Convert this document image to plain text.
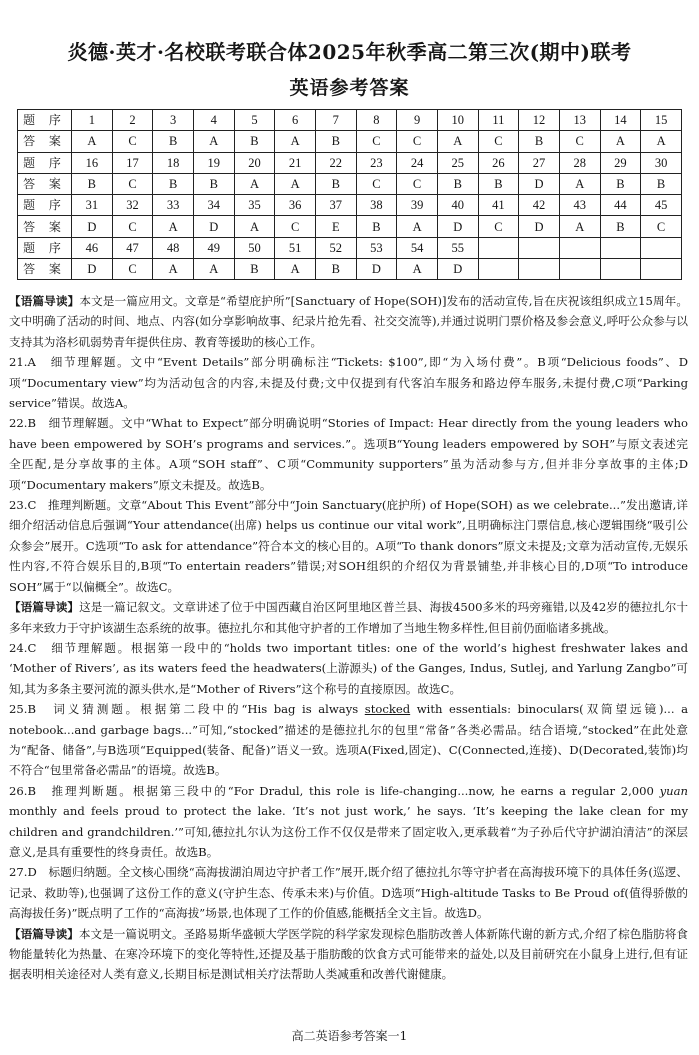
炎德·英才·名校联考联合体2025年秋季高二第三次(期中)联考
英语参考答案
题 序	1	2	3	4	5	6	7	8	9	10	11	12	13	14	15
答 案	A	C	B	A	B	A	B	C	C	A	C	B	C	A	A
题 序	16	17	18	19	20	21	22	23	24	25	26	27	28	29	30
答 案	B	C	B	B	A	A	B	C	C	B	B	D	A	B	B
题 序	31	32	33	34	35	36	37	38	39	40	41	42	43	44	45
答 案	D	C	A	D	A	C	E	B	A	D	C	D	A	B	C
题 序	46	47	48	49	50	51	52	53	54	55					
答 案	D	C	A	A	B	A	B	D	A	D					

【语篇导读】本文是一篇应用文。文章是“希望庇护所”[Sanctuary of Hope(SOH)]发布的活动宣传,旨在庆祝该组织成立15周年。文中明确了活动的时间、地点、内容(如分享影响故事、纪录片抢先看、社交交流等),并通过说明门票价格及参会意义,呼吁公众参与以支持其为洛杉矶弱势青年提供住房、教育等援助的核心工作。

21.A　细节理解题。文中“Event Details”部分明确标注“Tickets: $100”,即“为入场付费”。B项“Delicious foods”、D项“Documentary view”均为活动包含的内容,未提及付费;文中仅提到有代客泊车服务和路边停车服务,未提付费,C项“Parking service”错误。故选A。

22.B　细节理解题。文中“What to Expect”部分明确说明“Stories of Impact: Hear directly from the young leaders who have been empowered by SOH’s programs and services.”。选项B“Young leaders empowered by SOH”与原文表述完全匹配,是分享故事的主体。A项“SOH staff”、C项“Community supporters”虽为活动参与方,但并非分享故事的主体;D项“Documentary makers”原文未提及。故选B。

23.C　推理判断题。文章“About This Event”部分中“Join Sanctuary(庇护所) of Hope(SOH) as we celebrate...”发出邀请,详细介绍活动信息后强调“Your attendance(出席) helps us continue our vital work”,且明确标注门票信息,核心逻辑围绕“吸引公众参会”展开。C选项“To ask for attendance”符合本文的核心目的。A项“To thank donors”原文未提及;文章为活动宣传,无娱乐性内容,不符合娱乐目的,B项“To entertain readers”错误;对SOH组织的介绍仅为背景铺垫,并非核心目的,D项“To introduce SOH”属于“以偏概全”。故选C。

【语篇导读】这是一篇记叙文。文章讲述了位于中国西藏自治区阿里地区普兰县、海拔4500多米的玛旁雍错,以及42岁的德拉扎尔十多年来致力于守护该湖生态系统的故事。德拉扎尔和其他守护者的工作增加了当地生物多样性,但目前仍面临诸多挑战。

24.C　细节理解题。根据第一段中的“holds two important titles: one of the world’s highest freshwater lakes and ‘Mother of Rivers’, as its waters feed the headwaters(上游源头) of the Ganges, Indus, Sutlej, and Yarlung Zangbo”可知,其为多条主要河流的源头供水,是“Mother of Rivers”这个称号的直接原因。故选C。

25.B　词义猜测题。根据第二段中的“His bag is always stocked with essentials: binoculars(双筒望远镜)... a notebook...and garbage bags...”可知,“stocked”描述的是德拉扎尔的包里“常备”各类必需品。结合语境,“stocked”在此处意为“配备、储备”,与B选项“Equipped(装备、配备)”语义一致。选项A(Fixed,固定)、C(Connected,连接)、D(Decorated,装饰)均不符合“包里常备必需品”的语境。故选B。

26.B　推理判断题。根据第三段中的“For Dradul, this role is life-changing...now, he earns a regular 2,000 yuan monthly and feels proud to protect the lake. ‘It’s not just work,’ he says. ‘It’s keeping the lake clean for my children and grandchildren.’”可知,德拉扎尔认为这份工作不仅仅是带来了固定收入,更承载着“为子孙后代守护湖泊清洁”的深层意义,是具有重要性的终身责任。故选B。

27.D　标题归纳题。全文核心围绕“高海拔湖泊周边守护者工作”展开,既介绍了德拉扎尔等守护者在高海拔环境下的具体任务(巡逻、记录、救助等),也强调了这份工作的意义(守护生态、传承未来)与价值。D选项“High-altitude Tasks to Be Proud of(值得骄傲的高海拔任务)”既点明了工作的“高海拔”场景,也体现了工作的价值感,能概括全文主旨。故选D。

【语篇导读】本文是一篇说明文。圣路易斯华盛顿大学医学院的科学家发现棕色脂肪改善人体新陈代谢的新方式,介绍了棕色脂肪将食物能量转化为热量、在寒冷环境下的变化等特性,还提及基于脂肪酸的饮食方式可能带来的益处,以及目前研究在小鼠身上进行,但有证据表明相关途径对人类有意义,长期目标是测试相关疗法帮助人类减重和改善代谢健康。

高二英语参考答案一1
